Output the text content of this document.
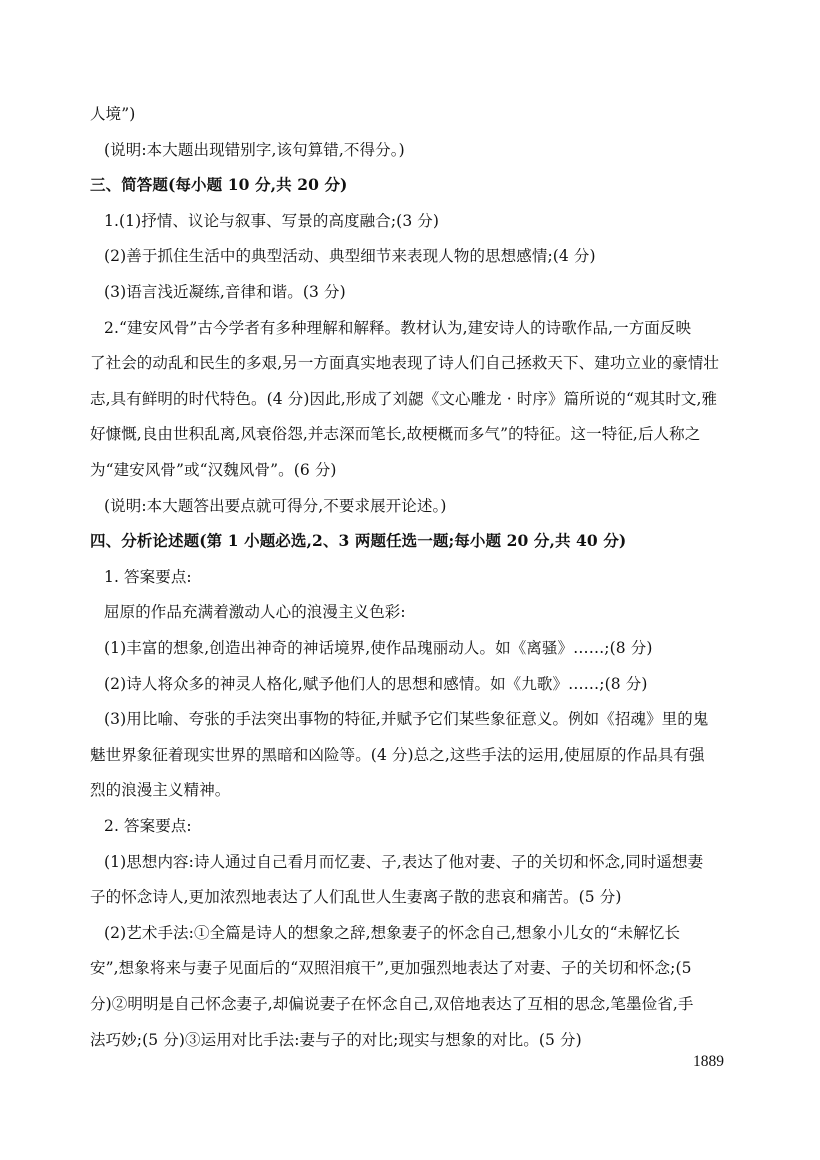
人境”)
(说明:本大题出现错别字,该句算错,不得分。)
三、简答题(每小题 10 分,共 20 分)
1.(1)抒情、议论与叙事、写景的高度融合;(3 分)
(2)善于抓住生活中的典型活动、典型细节来表现人物的思想感情;(4 分)
(3)语言浅近凝练,音律和谐。(3 分)
2.“建安风骨”古今学者有多种理解和解释。教材认为,建安诗人的诗歌作品,一方面反映
了社会的动乱和民生的多艰,另一方面真实地表现了诗人们自己拯救天下、建功立业的豪情壮
志,具有鲜明的时代特色。(4 分)因此,形成了刘勰《文心雕龙 · 时序》篇所说的“观其时文,雅
好慷慨,良由世积乱离,风衰俗怨,并志深而笔长,故梗概而多气”的特征。这一特征,后人称之
为“建安风骨”或“汉魏风骨”。(6 分)
(说明:本大题答出要点就可得分,不要求展开论述。)
四、分析论述题(第 1 小题必选,2、3 两题任选一题;每小题 20 分,共 40 分)
1. 答案要点:
屈原的作品充满着激动人心的浪漫主义色彩:
(1)丰富的想象,创造出神奇的神话境界,使作品瑰丽动人。如《离骚》……;(8 分)
(2)诗人将众多的神灵人格化,赋予他们人的思想和感情。如《九歌》……;(8 分)
(3)用比喻、夸张的手法突出事物的特征,并赋予它们某些象征意义。例如《招魂》里的鬼
魅世界象征着现实世界的黑暗和凶险等。(4 分)总之,这些手法的运用,使屈原的作品具有强
烈的浪漫主义精神。
2. 答案要点:
(1)思想内容:诗人通过自己看月而忆妻、子,表达了他对妻、子的关切和怀念,同时遥想妻
子的怀念诗人,更加浓烈地表达了人们乱世人生妻离子散的悲哀和痛苦。(5 分)
(2)艺术手法:①全篇是诗人的想象之辞,想象妻子的怀念自己,想象小儿女的“未解忆长
安”,想象将来与妻子见面后的“双照泪痕干”,更加强烈地表达了对妻、子的关切和怀念;(5
分)②明明是自己怀念妻子,却偏说妻子在怀念自己,双倍地表达了互相的思念,笔墨俭省,手
法巧妙;(5 分)③运用对比手法:妻与子的对比;现实与想象的对比。(5 分)
1889
